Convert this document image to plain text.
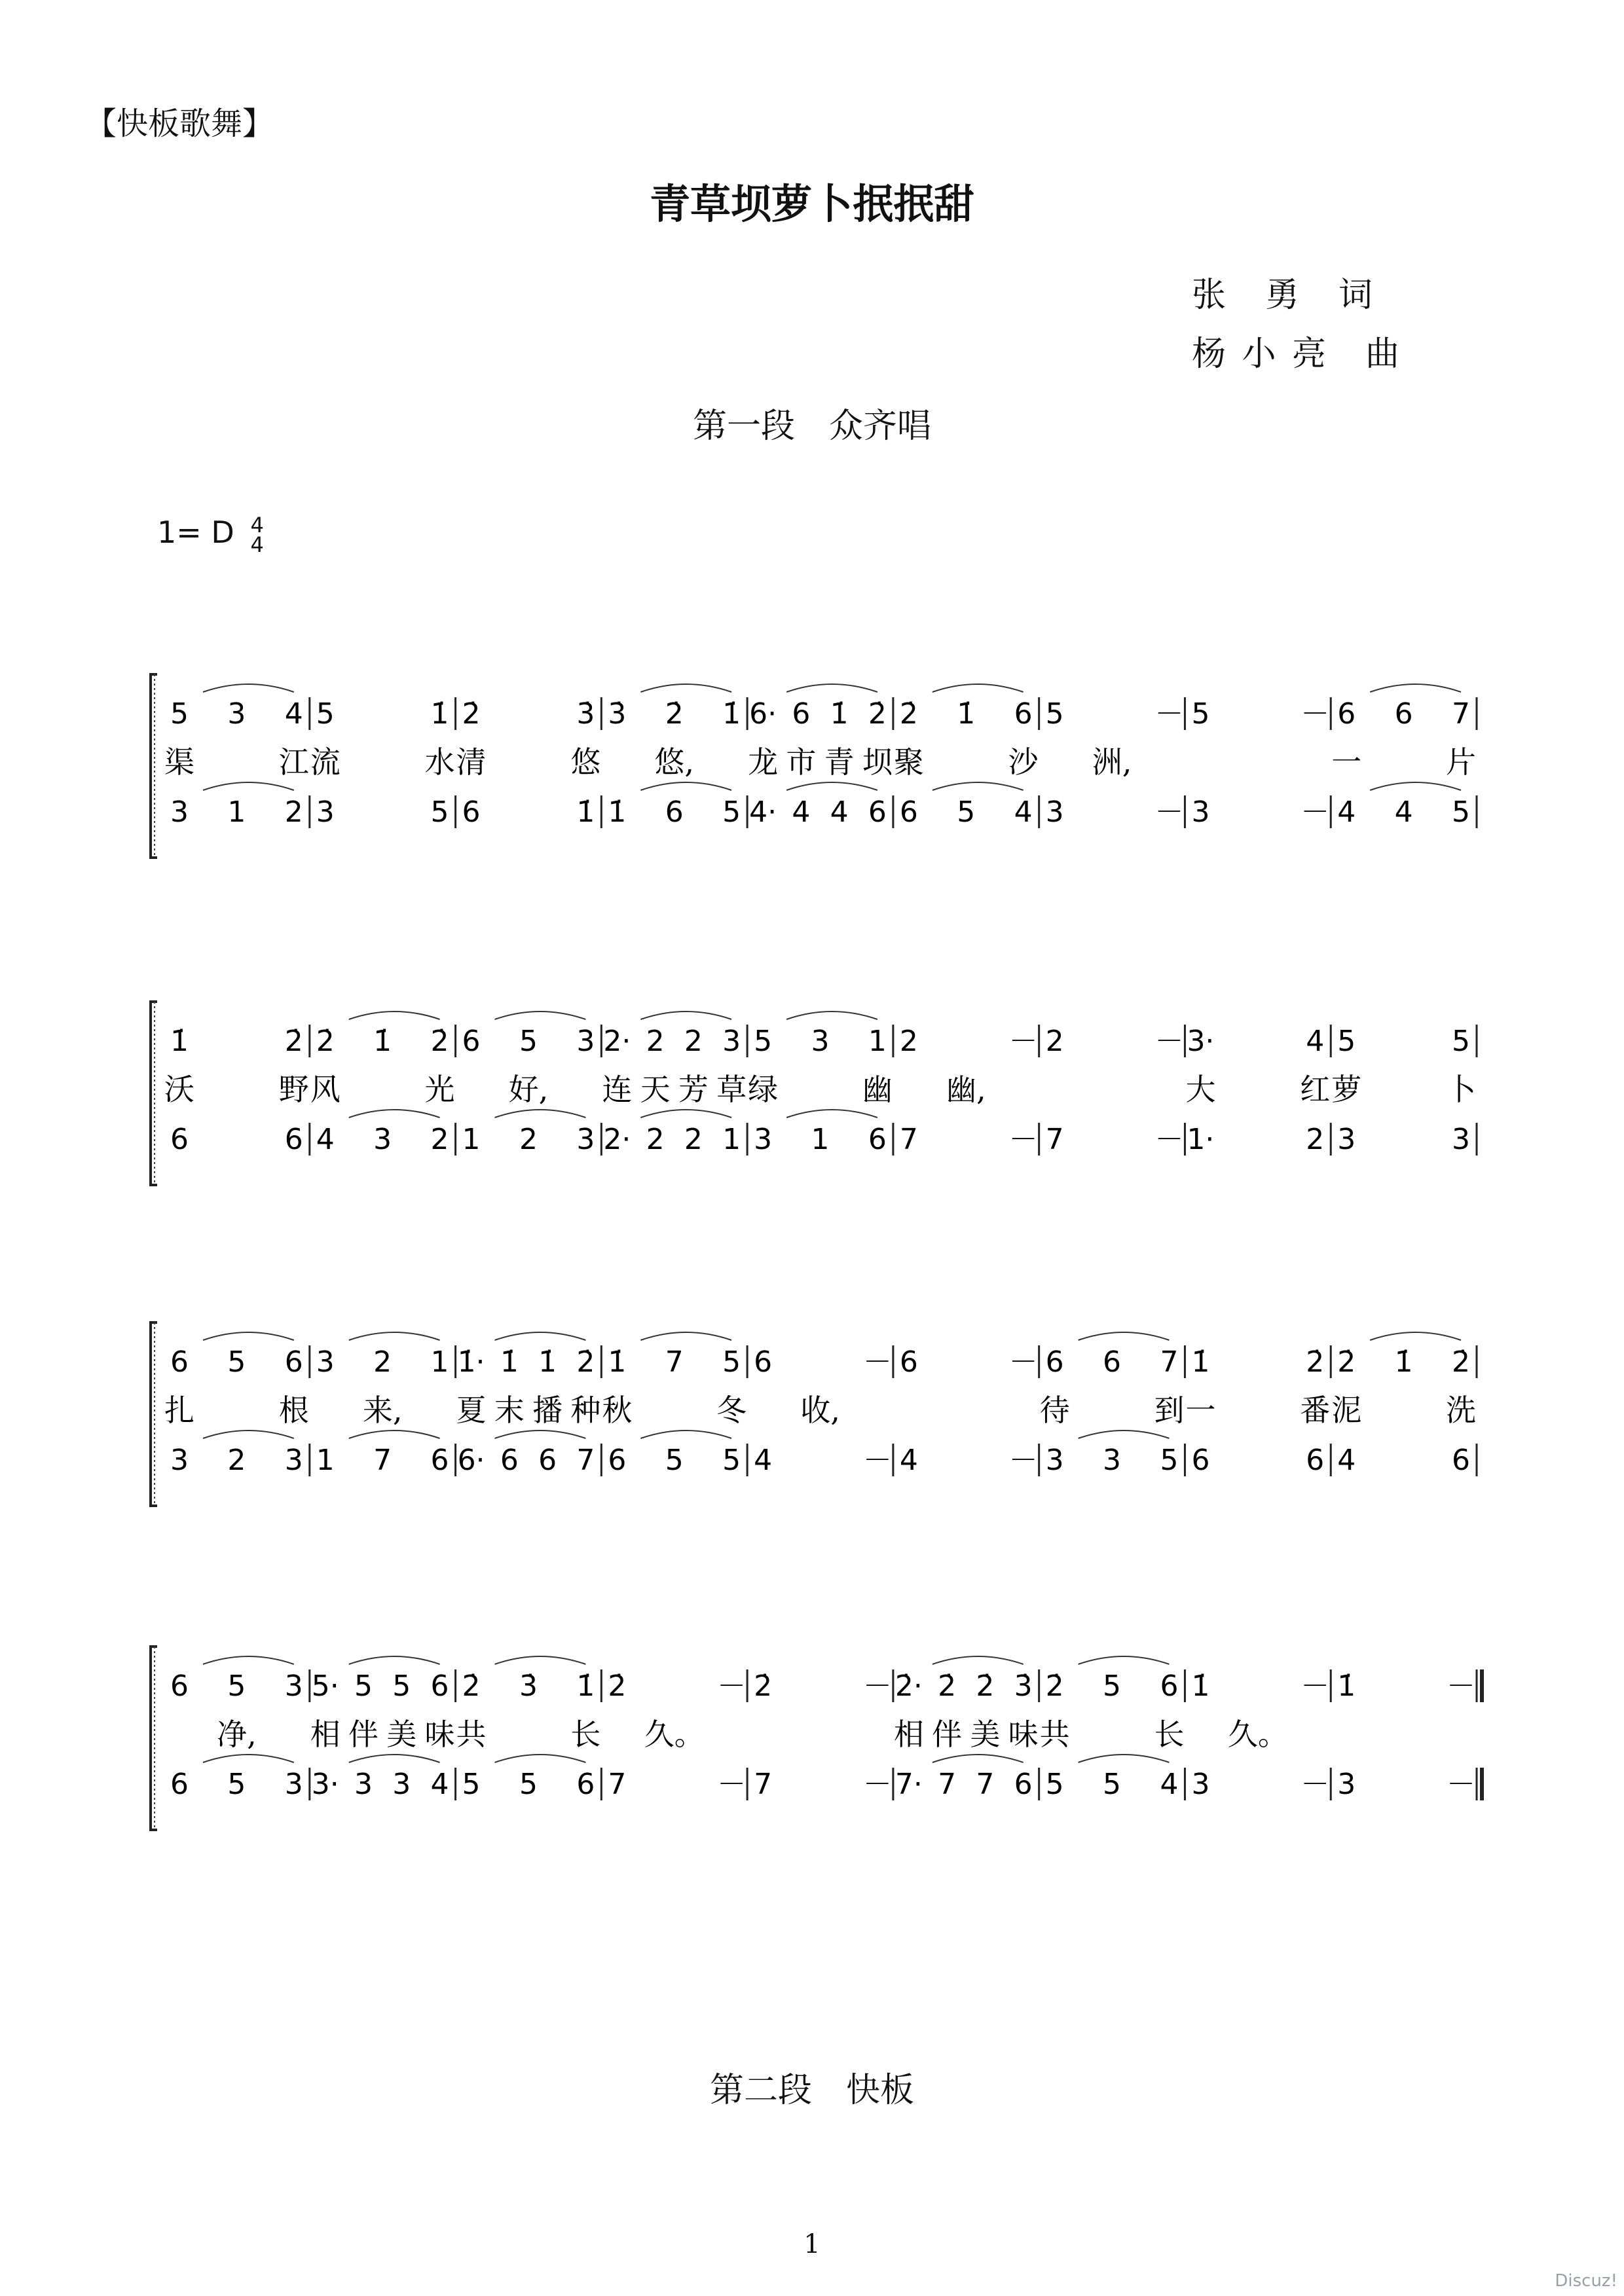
【快板歌舞】
青草坝萝卜抿抿甜
张　勇　词
杨 小 亮　曲
第一段　众齐唱
1= D 4
4
5 3 4 5	1̇ 2̇	3̇ 3̇ 2̇ 1̇ 6· 6 1̇ 2̇ 2̇ 1̇ 6 5	－ 5	－ 6 6 7
渠	江 流	水 清	悠 悠, 龙 市 青 坝 聚	沙 洲,	一	片
3 1 2 3	5 6	1̇ 1̇ 6 5 4· 4 4 6 6 5 4 3	－ 3	－ 4 4 5
1̇	2̇ 2̇ 1̇ 2̇ 6 5 3 2· 2 2 3 5 3 1 2	－ 2	－ 3·	4 5	5
沃	野 风	光 好, 连 天 芳 草 绿	幽 幽,	大	红 萝	卜
6	6 4 3 2 1 2 3 2· 2 2 1 3 1 6 7	－ 7	－ 1·	2 3	3
6 5 6 3 2 1 1̇· 1̇ 1̇ 2̇ 1̇ 7 5 6	－ 6	－ 6 6 7 1̇	2̇ 2̇ 1̇ 2̇
扎	根 来, 夏 末 播 种 秋	冬 收,	待	到 一	番 泥	洗
3 2 3 1 7 6 6· 6 6 7 6 5 5 4	－ 4	－ 3 3 5 6	6 4	6
6 5 3 5· 5 5 6 2̇ 3̇ 1̇ 2̇	－ 2̇	－ 2̇· 2̇ 2̇ 3̇ 2̇ 5 6 1̇	－ 1̇	－
净, 相 伴 美 味 共	长 久。	相 伴 美 味 共	长 久。
6 5 3 3· 3 3 4 5 5 6 7	－ 7	－ 7· 7 7 6 5 5 4 3	－ 3	－
第二段　快板
1
Discuz!
